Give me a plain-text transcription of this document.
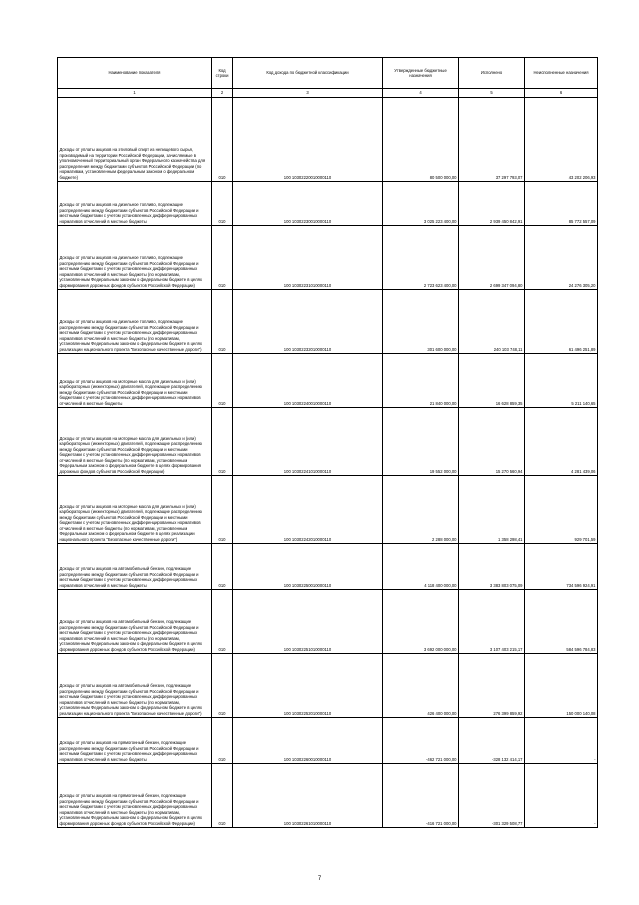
Наименование показателя	Код строки	Код дохода по бюджетной классификации	Утвержденные бюджетные назначения	Исполнено	Неисполненные назначения
1	2	3	4	5	6
Доходы от уплаты акцизов на этиловый спирт из непищевого сырья, производимый на территории Российской Федерации, зачисляемые в уполномоченный территориальный орган Федерального казначейства для распределения между бюджетами субъектов Российской Федерации (по нормативам, установленным федеральным законом о федеральном бюджете)	010	100 10302220010000110	80 500 000,00	37 297 793,07	43 202 206,93
Доходы от уплаты акцизов на дизельное топливо, подлежащие распределению между бюджетами субъектов Российской Федерации и местными бюджетами с учетом установленных дифференцированных нормативов отчислений в местные бюджеты	010	100 10302230010000110	3 025 223 400,00	2 939 450 842,91	85 772 557,09
Доходы от уплаты акцизов на дизельное топливо, подлежащие распределению между бюджетами субъектов Российской Федерации и местными бюджетами с учетом установленных дифференцированных нормативов отчислений в местные бюджеты (по нормативам, установленным Федеральным законом о федеральном бюджете в целях формирования дорожных фондов субъектов Российской Федерации)	010	100 10302231010000110	2 723 623 400,00	2 699 347 094,80	24 276 305,20
Доходы от уплаты акцизов на дизельное топливо, подлежащие распределению между бюджетами субъектов Российской Федерации и местными бюджетами с учетом установленных дифференцированных нормативов отчислений в местные бюджеты (по нормативам, установленным Федеральным законом о федеральном бюджете в целях реализации национального проекта "Безопасные качественные дороги")	010	100 10302232010000110	301 600 000,00	240 103 748,11	61 496 251,89
Доходы от уплаты акцизов на моторные масла для дизельных и (или) карбюраторных (инжекторных) двигателей, подлежащие распределению между бюджетами субъектов Российской Федерации и местными бюджетами с учетом установленных дифференцированных нормативов отчислений в местные бюджеты	010	100 10302240010000110	21 840 000,00	16 628 859,35	5 211 140,65
Доходы от уплаты акцизов на моторные масла для дизельных и (или) карбюраторных (инжекторных) двигателей, подлежащие распределению между бюджетами субъектов Российской Федерации и местными бюджетами с учетом установленных дифференцированных нормативов отчислений в местные бюджеты (по нормативам, установленным Федеральным законом о федеральном бюджете в целях формирования дорожных фондов субъектов Российской Федерации)	010	100 10302241010000110	19 552 000,00	15 270 560,94	4 281 439,06
Доходы от уплаты акцизов на моторные масла для дизельных и (или) карбюраторных (инжекторных) двигателей, подлежащие распределению между бюджетами субъектов Российской Федерации и местными бюджетами с учетом установленных дифференцированных нормативов отчислений в местные бюджеты (по нормативам, установленным Федеральным законом о федеральном бюджете в целях реализации национального проекта "Безопасные качественные дороги")	010	100 10302242010000110	2 288 000,00	1 358 298,41	929 701,59
Доходы от уплаты акцизов на автомобильный бензин, подлежащие распределению между бюджетами субъектов Российской Федерации и местными бюджетами с учетом установленных дифференцированных нормативов отчислений в местные бюджеты	010	100 10302250010000110	4 118 400 000,00	3 383 803 075,09	734 596 924,91
Доходы от уплаты акцизов на автомобильный бензин, подлежащие распределению между бюджетами субъектов Российской Федерации и местными бюджетами с учетом установленных дифференцированных нормативов отчислений в местные бюджеты (по нормативам, установленным Федеральным законом о федеральном бюджете в целях формирования дорожных фондов субъектов Российской Федерации)	010	100 10302251010000110	3 692 000 000,00	3 107 403 215,17	584 596 784,83
Доходы от уплаты акцизов на автомобильный бензин, подлежащие распределению между бюджетами субъектов Российской Федерации и местными бюджетами с учетом установленных дифференцированных нормативов отчислений в местные бюджеты (по нормативам, установленным Федеральным законом о федеральном бюджете в целях реализации национального проекта "Безопасные качественные дороги")	010	100 10302252010000110	426 400 000,00	276 399 859,92	150 000 140,08
Доходы от уплаты акцизов на прямогонный бензин, подлежащие распределению между бюджетами субъектов Российской Федерации и местными бюджетами с учетом установленных дифференцированных нормативов отчислений в местные бюджеты	010	100 10302260010000110	-462 721 000,00	-328 132 414,17	-
Доходы от уплаты акцизов на прямогонный бензин, подлежащие распределению между бюджетами субъектов Российской Федерации и местными бюджетами с учетом установленных дифференцированных нормативов отчислений в местные бюджеты (по нормативам, установленным Федеральным законом о федеральном бюджете в целях формирования дорожных фондов субъектов Российской Федерации)	010	100 10302261010000110	-416 721 000,00	-301 329 508,77	-
7
